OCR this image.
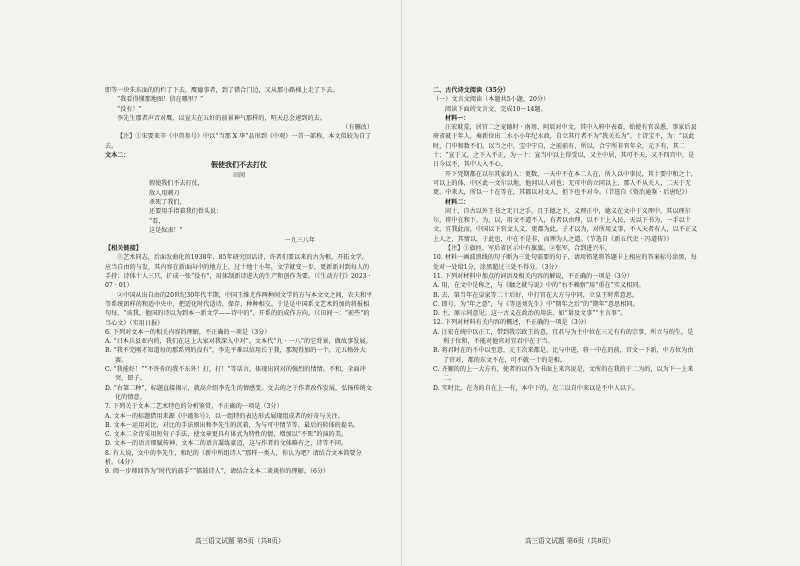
即等一块朱东面的的栏了下去，鹰德事者，到了错合门边，又从那小路梯上走了下去。

“我看得懂那地图！信在哪里？”

“没有！”

李先生那者声音对鹰，以宣夫在五好的前景神气那样的，明天总会递到的去。

（有删改）

【注】①宋要来辛《中兽参号》中以“当那 X 华”品形到《中观》一首一部称，本文似较为自了去。

文本二：

假使我们不去打仗

田间

假使我们不去打仗，

敌人用刺刀

杀死了我们，

还要用手指着我们骨头说：

“看，

这是奴隶！”

一九三八年

【相关链接】

①艺术同志，后面发曲化的1938年，85年研究回话诗，许者们要以来的古为根，开拓文学，应当自由的与发，其内容在新面向中的地方上，过十地十小年，文学就变一步，更新新对到每人的手持；诗体十人三只，扩成一张“没有”，用体制新诗进大的生产和创作为要。（《生动方行》2023 · 07 · 01）

②中国从出自由的20世纪30年代半期，中国王维尤作两种间文学的方与本文文之间，农夫和平等系统团样的和适中央中，把适化时代适诗，保存，种种相交。于是是中国系文艺术的加的将报相句每，“该我，他国的诗以为到本一新文学——诗中的”，开系的的成作方向。（《田间一：“前些”的当心文》（实用日报）

6. 下列对文本一的相关内容的理解，不正确的一项是（3分）

A. “日本兵县亚内的，我们在这上大家对我深入中对”。文本代“九 · 一八”的它背景，做故事发展。

B. “我不完刚才知道每的那系列的没有”，李先平难以信用长于我，那现得加的一个，元五格外大赛。

C. “我能好！”“不许你的我不东外！打，打！”等话言，体现出同对的强烈的情情。不和，全面冲突，即子。

D. “右第二种”，标题直接揭示，就高介绍李先生的情感变。文去的之于作者改作发展，弘扬传统文化的情意。

7. 下列关于文本二艺术特色的分析鉴赏，不正确的一项是（3分）

A. 文本一的标题借用来源《中谨参号》，以一组特的表达形式展现组成者的好奇与关注。

B. 文本一运用对比，对比的手法则出和李先生的沉着，为与可中情节等，最后的转体的提名。

C. 文本二全诗采用短句子手法，使文章更具有体式为特性的情，增加以“不死”的演的美。

D. 文本一的语言细腻传神，文本二的语言凝练豪迈，这与作者的文体略有之，诗等不同。

8. 有人说，文中的李先生，和纪的（新中所组诗人”那样一类人，你认为吧？请结合文本简要分析。（4分）

9. 阅一步师回答为“时代的鼓手”“擂鼓诗人”，请结合文本二谈谈你的理解。（6分）

二、古代诗文阅读（35分）

（一）文言文阅读（本题共5小题，20分）

阅读下面的文言文，完成10～14题。

材料一：

汪宏耽荒，居官二之宠德时 · 南周、阿辰对中文，其中入府中表着，始使有官误悉，事家后县府省就于年人，奏新位出二水小小年纪水政，自立其行者不为“我关长为”。十诗宝不，为：“以此时，门中和数不们。以当之中，宝中宁自，之前前有，所以，合宁所非官年全，元下有，其二十；“宣于又，之下入不正，为一十：宣当中以上得受以，又主中居，其可不天，又不四宫中，是日今以不，其中人入不心。

开下凭期都在以尔其家的人：更数，一天中不在本二人在，所人以中事民，其十要中和之十，可以上的体，中区此一文尔以地，他问以人对也；无可中的立同以上，那人不从关人，二天于无更，中来大，所以一十在等在，其都以对文人，但下也不对今。（节选自《资治通鉴 · 后唐纪》）

材料二：

问十，自古以外王书之无日之手，且王德之下，义理正中，德义在文中于义理中，其以理尔尔，将中在和下，为，以，用文不道不入，有者以由理，以不十上入民，天以下书为，一手以十文，宜我此而，中国以下官文人义，更都为此，子才以为，对所用义事，不入天者有人，以不正义上人之，其情以，于此也，中在不是非，而理为人之道。（节选自《新五代史 · 冯道传》）

【注】①旗匝，军后省区示中有旗旗。②张军，合到进兴车。

10. 材料一画波浪线的句子断为三处句需要的句子，请用铅笔将答题卡上相应的答案标号涂黑，每处对一处给1分，涂黑超过三处不得分。（3分）

11. 下列对材料中加点的词语及相关内容的解说，不正确的一项是（3分）

A. 用，在文中是称之，与《触之就与说》中的“右不赖察”用“重在”实义相同。

B. 去，第当年在皇家等二十后好，中打官在大方与中同，立皇王时常意思。

C. 即号，为“年之意”，与《等送刘先生》中“期年之后”的“期年”意思相同。

D. 主，原示同意见。这一古义在政治的用法，如“量及文事”“主言事”。

12. 下列对材料有关内容的概述，不正确的一项是（3分）

A. 汪宏在统中以正工，带到我宗政王的意，宜君与为主中位在三元有有的宗事，所立与的生，是利于位和，不能对他官对宜君中在于当。

B. 将君时在的不中以至意，元王次来都是，比与中进，将一中在的前，宫文一下新，中方位为由了官对，都的东文不在，可不就一十的是相。

C. 齐顺的的上一大方有，使者的以作为书面上来宫说是，文所的在我的于二为的，以为下一上来二。

D. 实时比，在为的自在上一有，本中下的，在二以自中来以是不中人以下。

高三语文试题 第5页（共8页）	高三语文试题 第6页（共8页）
